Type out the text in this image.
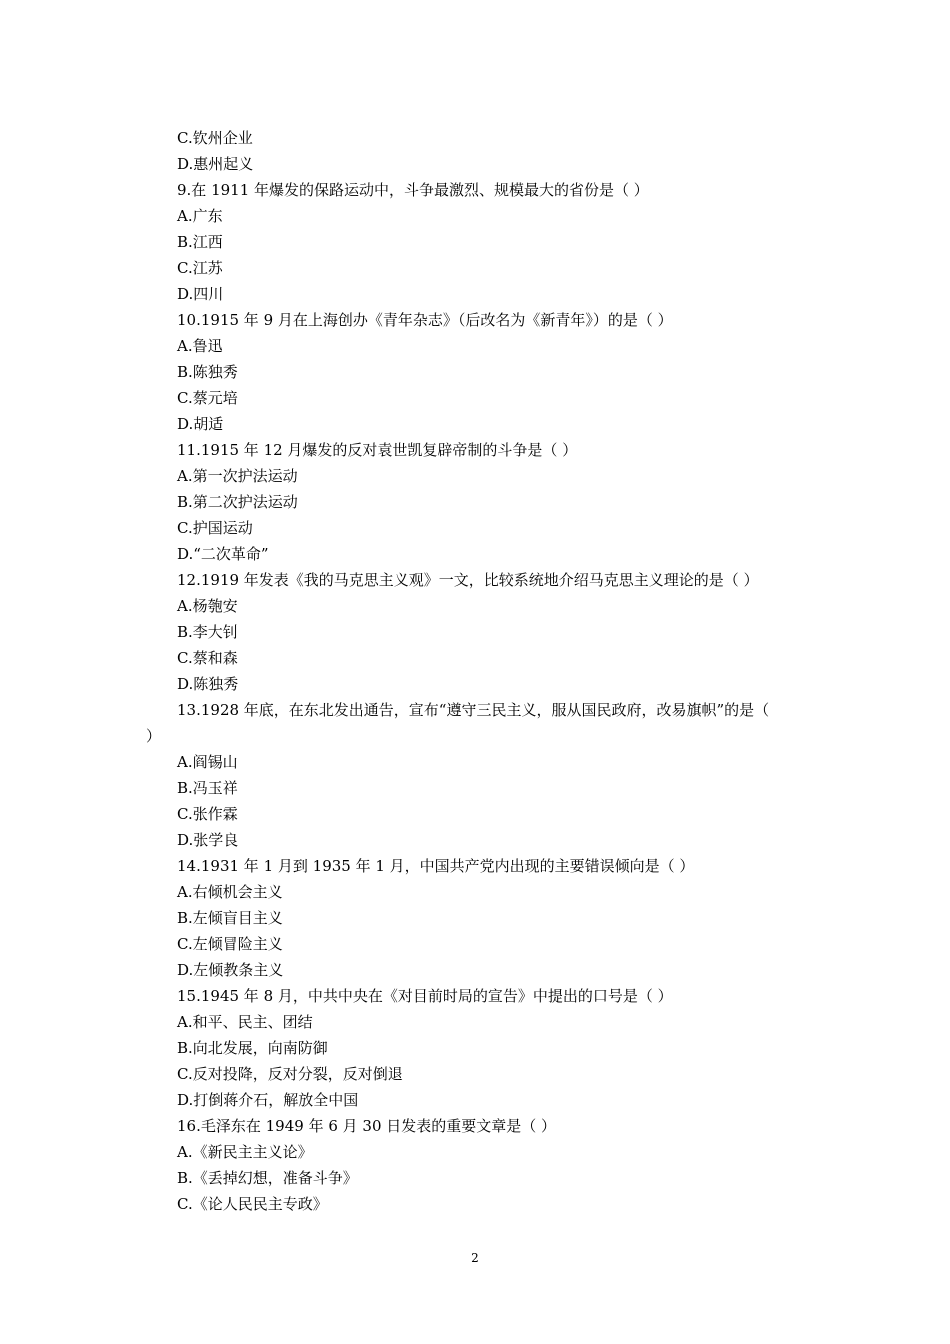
C.钦州企业
D.惠州起义
9.在 1911 年爆发的保路运动中，斗争最激烈、规模最大的省份是（ ）
A.广东
B.江西
C.江苏
D.四川
10.1915 年 9 月在上海创办《青年杂志》（后改名为《新青年》）的是（ ）
A.鲁迅
B.陈独秀
C.蔡元培
D.胡适
11.1915 年 12 月爆发的反对袁世凯复辟帝制的斗争是（ ）
A.第一次护法运动
B.第二次护法运动
C.护国运动
D.“二次革命”
12.1919 年发表《我的马克思主义观》一文，比较系统地介绍马克思主义理论的是（ ）
A.杨匏安
B.李大钊
C.蔡和森
D.陈独秀
13.1928 年底，在东北发出通告，宣布“遵守三民主义，服从国民政府，改易旗帜”的是（
）
A.阎锡山
B.冯玉祥
C.张作霖
D.张学良
14.1931 年 1 月到 1935 年 1 月，中国共产党内出现的主要错误倾向是（ ）
A.右倾机会主义
B.左倾盲目主义
C.左倾冒险主义
D.左倾教条主义
15.1945 年 8 月，中共中央在《对目前时局的宣告》中提出的口号是（ ）
A.和平、民主、团结
B.向北发展，向南防御
C.反对投降，反对分裂，反对倒退
D.打倒蒋介石，解放全中国
16.毛泽东在 1949 年 6 月 30 日发表的重要文章是（ ）
A.《新民主主义论》
B.《丢掉幻想，准备斗争》
C.《论人民民主专政》
2
